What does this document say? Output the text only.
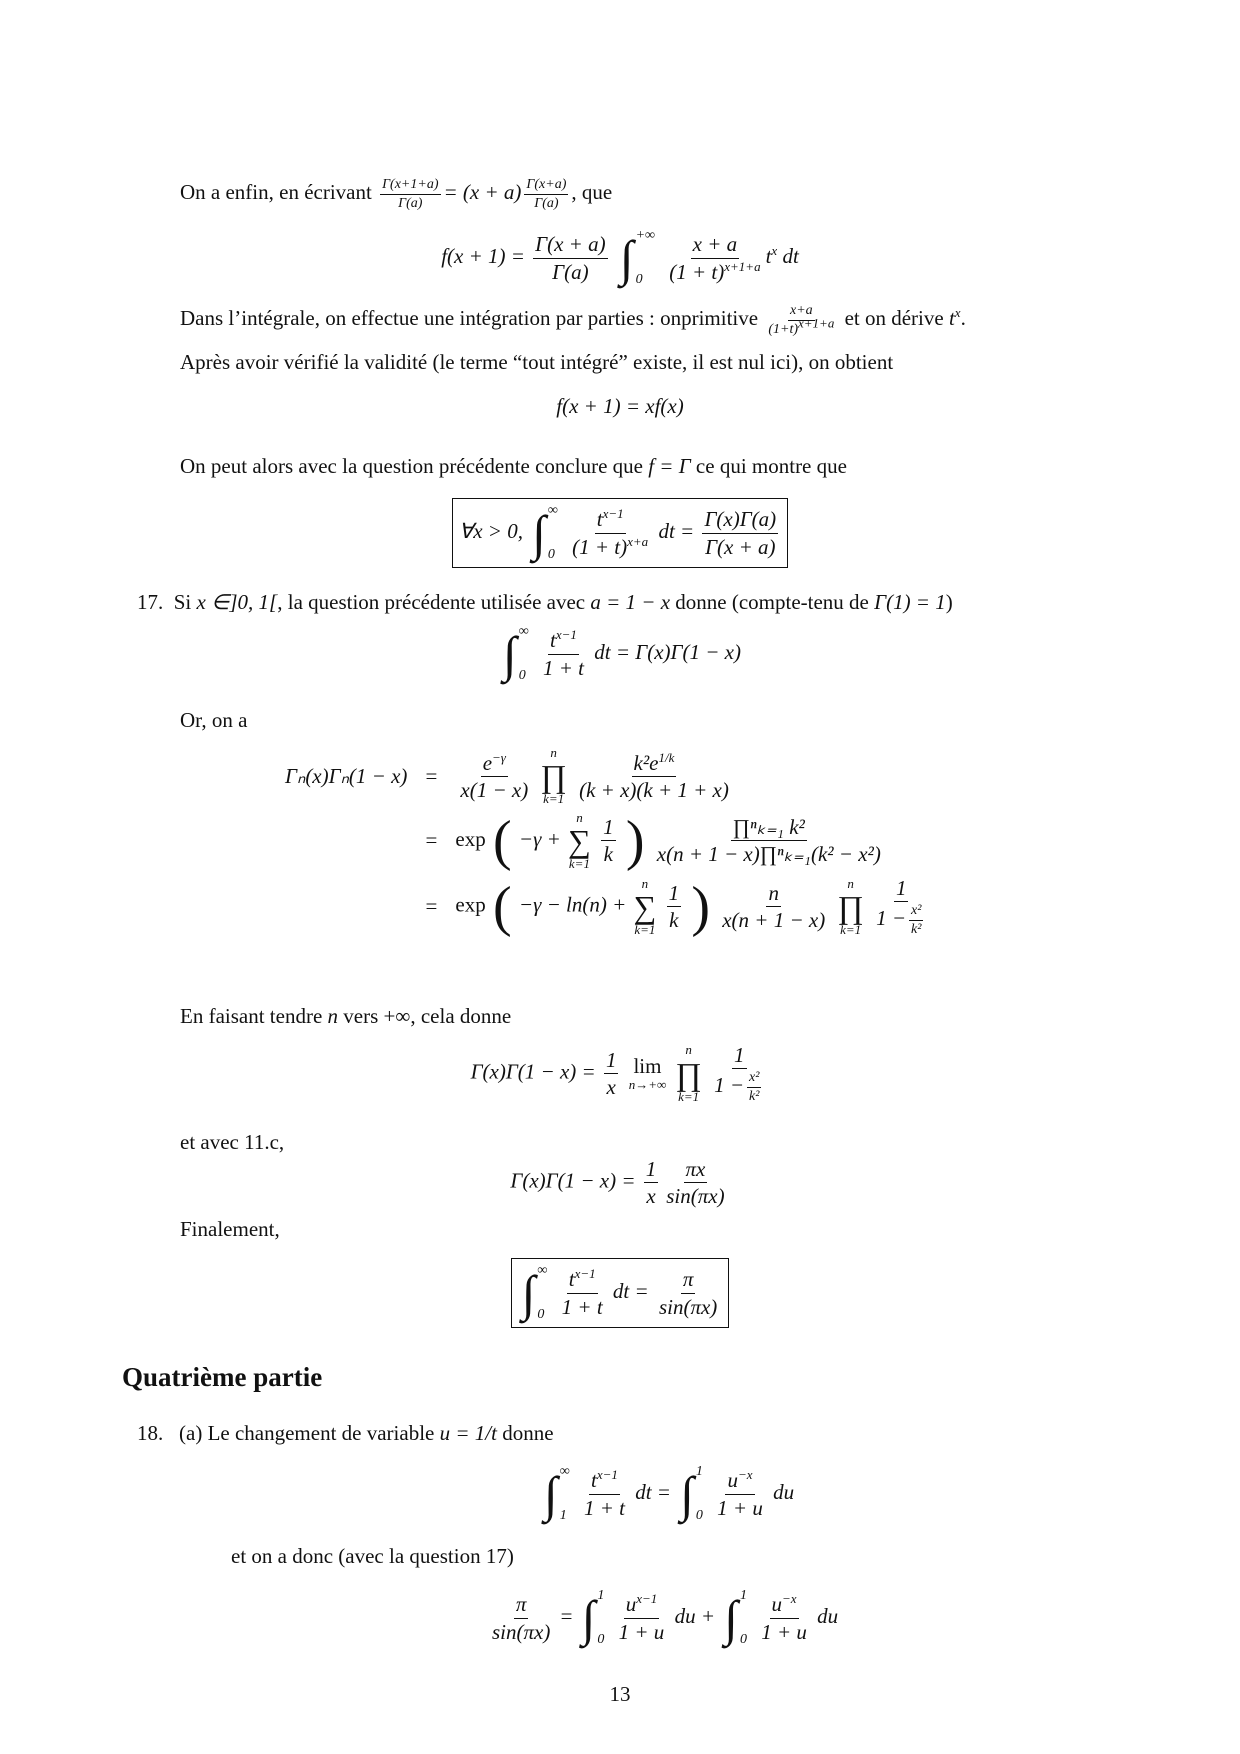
On a enfin, en écrivant $\frac{\Gamma(x+1+a)}{\Gamma(a)} = (x + a) \frac{\Gamma(x+a)}{\Gamma(a)}$ , que
$f(x + 1) = \frac{\Gamma(x + a)}{\Gamma(a)}$
∫ +∞
0
	$\frac{x + a}{(1 + t)^{x+1+a}} t^x$ dt
Dans l’intégrale, on effectue une intégration par parties : onprimitive $\frac{x+a}{(1+t)^{x+1+a}}$ et on dérive $t^x$.
Après avoir vérifié la validité (le terme “tout intégré” existe, il est nul ici), on obtient
f(x + 1) = xf(x)
On peut alors avec la question précédente conclure que f = Γ ce qui montre que
∀x > 0, ∫ ∞
0
$\frac{t^{x-1}}{(1 + t)^{x+a}}$ dt = $\frac{\Gamma(x)\Gamma(a)}{\Gamma(x + a)}$
17. Si x ∈]0, 1[, la question précédente utilisée avec a = 1 − x donne (compte-tenu de Γ(1) = 1)
∫ ∞
0
$\frac{t^{x-1}}{1 + t}$ dt = Γ(x)Γ(1 − x)
Or, on a
Γₙ(x)Γₙ(1 − x) =	$\frac{e^{-\gamma}}{x(1 - x)}$
n
∏
k=1
$\frac{k^2e^{1/k}}{(k + x)(k + 1 + x)}$
= exp ( −γ +
n
∑
k=1
$\frac{1}{k}$ ) $\frac{\text{∏ⁿₖ₌₁ k²}}{\text{x(n + 1 − x)∏ⁿₖ₌₁(k² − x²)}}$
= exp ( −γ − ln(n) +
n
∑
k=1
$\frac{1}{k}$ ) $\frac{n}{x(n + 1 - x)}$
n
∏
k=1
$\frac{1}{1 - \frac{\text{x²}}{\text{k²}}}$
En faisant tendre n vers +∞, cela donne
$\Gamma(x)\Gamma(1 - x) = \frac{1}{x}$
lim
n→+∞

n
∏
k=1
$\frac{1}{1 - \frac{\text{x²}}{\text{k²}}}$
et avec 11.c,
$\Gamma(x)\Gamma(1 - x) = \frac{1}{x} \frac{\pi x}{\sin(\pi x)}$
Finalement,
∫ ∞
0
$\frac{t^{x-1}}{1 + t}$ dt = $\frac{\pi}{\sin(\pi x)}$
Quatrième partie
18. (a) Le changement de variable u = 1/t donne
∫ ∞
1
$\frac{t^{x-1}}{1 + t}$ dt = ∫ 1
0
$\frac{u^{-x}}{1 + u}$ du
et on a donc (avec la question 17)
$\frac{\pi}{\sin(\pi x)}$ = ∫ 1
0
$\frac{u^{x-1}}{1 + u}$ du + ∫ 1
0
$\frac{u^{-x}}{1 + u}$ du
13
